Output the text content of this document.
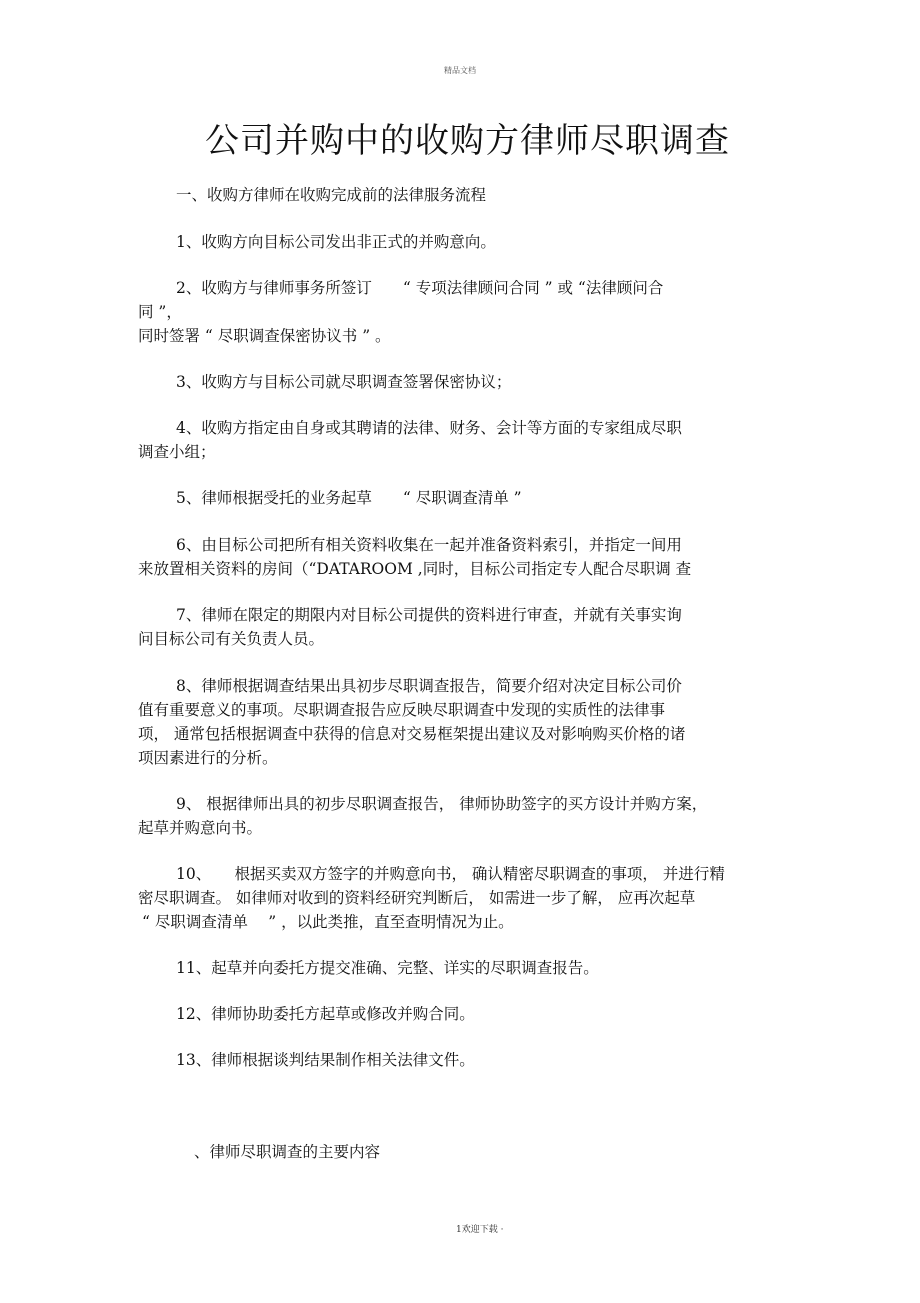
精品文档
公司并购中的收购方律师尽职调查
一、收购方律师在收购完成前的法律服务流程
1、收购方向目标公司发出非正式的并购意向。
2、收购方与律师事务所签订　　“ 专项法律顾问合同 ” 或 “法律顾问合
同 ”，
同时签署 “ 尽职调查保密协议书 ” 。
3、收购方与目标公司就尽职调查签署保密协议；
4、收购方指定由自身或其聘请的法律、财务、会计等方面的专家组成尽职
调查小组；
5、律师根据受托的业务起草　　“ 尽职调查清单 ”
6、由目标公司把所有相关资料收集在一起并准备资料索引，并指定一间用
来放置相关资料的房间（“DATAROOM ,同时，目标公司指定专人配合尽职调 查
7、律师在限定的期限内对目标公司提供的资料进行审查，并就有关事实询
问目标公司有关负责人员。
8、律师根据调查结果出具初步尽职调查报告，简要介绍对决定目标公司价
值有重要意义的事项。尽职调查报告应反映尽职调查中发现的实质性的法律事
项， 通常包括根据调查中获得的信息对交易框架提出建议及对影响购买价格的诸
项因素进行的分析。
9、 根据律师出具的初步尽职调查报告， 律师协助签字的买方设计并购方案，
起草并购意向书。
10、　　根据买卖双方签字的并购意向书， 确认精密尽职调查的事项， 并进行精
密尽职调查。 如律师对收到的资料经研究判断后， 如需进一步了解， 应再次起草
“ 尽职调查清单　 ” ，以此类推，直至查明情况为止。
11、起草并向委托方提交准确、完整、详实的尽职调查报告。
12、律师协助委托方起草或修改并购合同。
13、律师根据谈判结果制作相关法律文件。
、律师尽职调查的主要内容
1欢迎下载 ·
